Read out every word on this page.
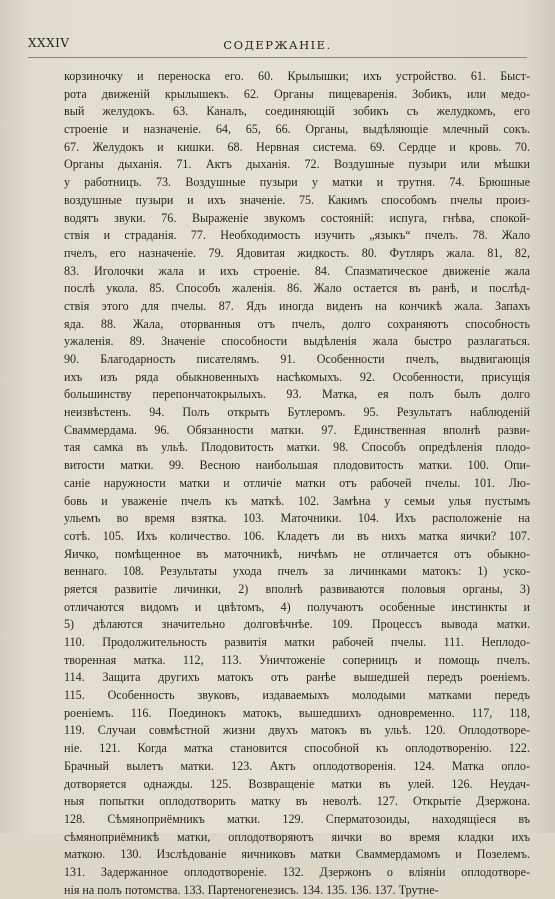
XXXIV	СОДЕРЖАНІЕ.
корзиночку и переноска его. 60. Крылышки; ихъ устройство. 61. Быст-
рота движеній крылышекъ. 62. Органы пищеваренія. Зобикъ, или медо-
вый желудокъ. 63. Каналъ, соединяющій зобикъ съ желудкомъ, его
строеніе и назначеніе. 64, 65, 66. Органы, выдѣляющіе млечный сокъ.
67. Желудокъ и кишки. 68. Нервная система. 69. Сердце и кровь. 70.
Органы дыханія. 71. Актъ дыханія. 72. Воздушные пузыри или мѣшки
у работницъ. 73. Воздушные пузыри у матки и трутня. 74. Брюшные
воздушные пузыри и ихъ значеніе. 75. Какимъ способомъ пчелы произ-
водятъ звуки. 76. Выраженіе звукомъ состояній: испуга, гнѣва, спокой-
ствія и страданія. 77. Необходимость изучить „языкъ“ пчелъ. 78. Жало
пчелъ, его назначеніе. 79. Ядовитая жидкость. 80. Футляръ жала. 81, 82,
83. Иголочки жала и ихъ строеніе. 84. Спазматическое движеніе жала
послѣ укола. 85. Способъ жаленія. 86. Жало остается въ ранѣ, и послѣд-
ствія этого для пчелы. 87. Ядъ иногда виденъ на кончикѣ жала. Запахъ
яда. 88. Жала, оторванныя отъ пчелъ, долго сохраняютъ способность
ужаленія. 89. Значеніе способности выдѣленія жала быстро разлагаться.
90. Благодарность писателямъ. 91. Особенности пчелъ, выдвигающія
ихъ изъ ряда обыкновенныхъ насѣкомыхъ. 92. Особенности, присущія
большинству перепончатокрылыхъ. 93. Матка, ея полъ былъ долго
неизвѣстенъ. 94. Полъ открыть Бутлеромъ. 95. Результатъ наблюденій
Сваммердама. 96. Обязанности матки. 97. Единственная вполнѣ разви-
тая самка въ ульѣ. Плодовитость матки. 98. Способъ опредѣленія плодо-
витости матки. 99. Весною наибольшая плодовитость матки. 100. Опи-
саніе наружности матки и отличіе матки отъ рабочей пчелы. 101. Лю-
бовь и уваженіе пчелъ къ маткѣ. 102. Замѣна у семьи улья пустымъ
ульемъ во время взятка. 103. Маточники. 104. Ихъ расположеніе на
сотѣ. 105. Ихъ количество. 106. Кладетъ ли въ нихъ матка яички? 107.
Яичко, помѣщенное въ маточникѣ, ничѣмъ не отличается отъ обыкно-
веннаго. 108. Результаты ухода пчелъ за личинками матокъ: 1) уско-
ряется развитіе личинки, 2) вполнѣ развиваются половыя органы, 3)
отличаются видомъ и цвѣтомъ, 4) получаютъ особенные инстинкты и
5) дѣлаются значительно долговѣчнѣе. 109. Процессъ вывода матки.
110. Продолжительность развитія матки рабочей пчелы. 111. Неплодо-
творенная матка. 112, 113. Уничтоженіе соперницъ и помощь пчелъ.
114. Защита другихъ матокъ отъ ранѣе вышедшей передъ роеніемъ.
115. Особенность звуковъ, издаваемыхъ молодыми матками передъ
роеніемъ. 116. Поединокъ матокъ, вышедшихъ одновременно. 117, 118,
119. Случаи совмѣстной жизни двухъ матокъ въ ульѣ. 120. Оплодотворе-
ніе. 121. Когда матка становится способной къ оплодотворенію. 122.
Брачный вылетъ матки. 123. Актъ оплодотворенія. 124. Матка опло-
дотворяется однажды. 125. Возвращеніе матки въ улей. 126. Неудач-
ныя попытки оплодотворить матку въ неволѣ. 127. Открытіе Дзержона.
128. Сѣмяноприёмникъ матки. 129. Сперматозоиды, находящіеся въ
сѣмяноприёмникѣ матки, оплодотворяютъ яички во время кладки ихъ
маткою. 130. Изслѣдованіе яичниковъ матки Сваммердамомъ и Позелемъ.
131. Задержанное оплодотвореніе. 132. Дзержонъ о вліяніи оплодотворе-
нія на полъ потомства. 133. Партеногенезисъ. 134. 135. 136. 137. Трутне-
